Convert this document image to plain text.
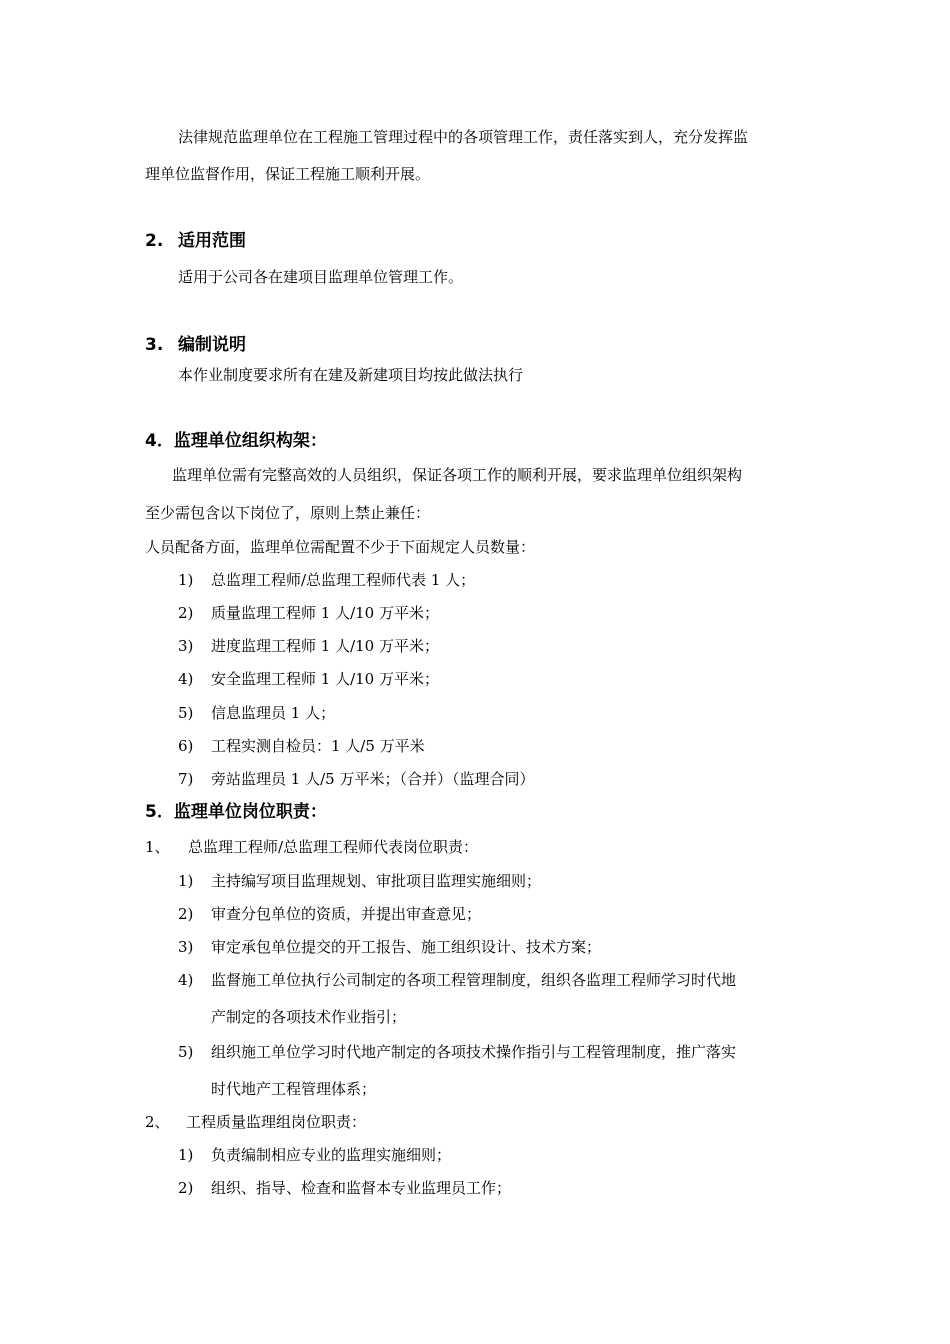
法律规范监理单位在工程施工管理过程中的各项管理工作，责任落实到人，充分发挥监
理单位监督作用，保证工程施工顺利开展。
2. 适用范围
适用于公司各在建项目监理单位管理工作。
3. 编制说明
本作业制度要求所有在建及新建项目均按此做法执行
4．监理单位组织构架：
监理单位需有完整高效的人员组织，保证各项工作的顺利开展，要求监理单位组织架构
至少需包含以下岗位了，原则上禁止兼任：
人员配备方面，监理单位需配置不少于下面规定人员数量：
1) 总监理工程师/总监理工程师代表 1 人；
2) 质量监理工程师 1 人/10 万平米；
3) 进度监理工程师 1 人/10 万平米；
4) 安全监理工程师 1 人/10 万平米；
5) 信息监理员 1 人；
6) 工程实测自检员：1 人/5 万平米
7) 旁站监理员 1 人/5 万平米；（合并）（监理合同）
5．监理单位岗位职责：
1、 总监理工程师/总监理工程师代表岗位职责：
1) 主持编写项目监理规划、审批项目监理实施细则；
2) 审查分包单位的资质，并提出审查意见；
3) 审定承包单位提交的开工报告、施工组织设计、技术方案；
4) 监督施工单位执行公司制定的各项工程管理制度，组织各监理工程师学习时代地
产制定的各项技术作业指引；
5) 组织施工单位学习时代地产制定的各项技术操作指引与工程管理制度，推广落实
时代地产工程管理体系；
2、 工程质量监理组岗位职责：
1) 负责编制相应专业的监理实施细则；
2) 组织、指导、检查和监督本专业监理员工作；
